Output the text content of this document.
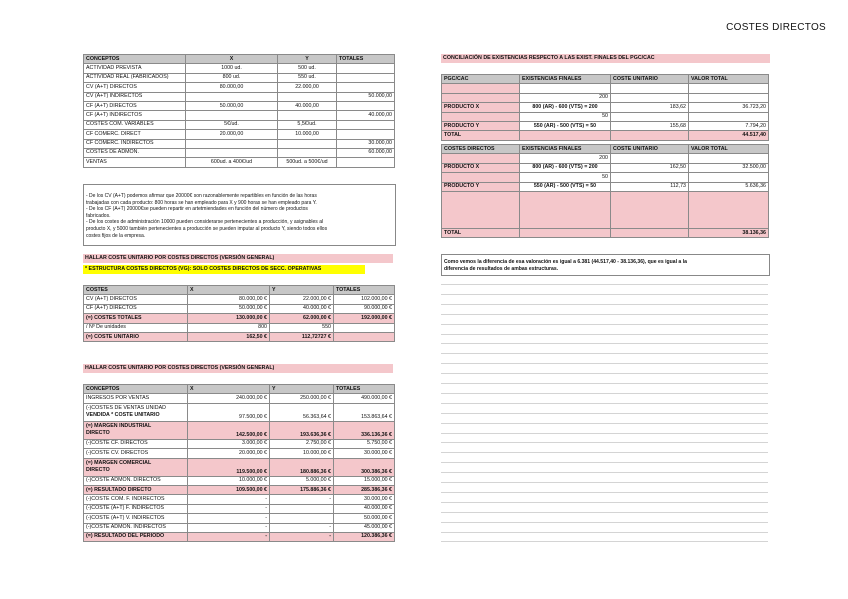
COSTES DIRECTOS
CONCEPTOS	X	Y	TOTALES
ACTIVIDAD PREVISTA	1000 ud.	500 ud.	
ACTIVIDAD REAL (FABRICADOS)	800 ud.	550 ud.	
CV (A+T) DIRECTOS	80.000,00	22.000,00	
CV (A+T) INDIRECTOS			50.000,00
CF (A+T) DIRECTOS	50.000,00	40.000,00	
CF (A+T) INDIRECTOS			40.000,00
COSTES COM. VARIABLES	5€/ud.	5,5€/ud.	
CF COMERC. DIRECT	20.000,00	10.000,00	
CF COMERC. INDIRECTOS			30.000,00
COSTES DE ADMÓN.			60.000,00
VENTAS	600ud. a 400€/ud	500ud. a 500€/ud	
- De los CV (A+T) podemos afirmar que 20000€ son razonablemente repartibles en función de las horas
trabajadas con cada producto: 800 horas se han empleado para X y 900 horas se han empleado para Y.
- De los CF (A+T) 20000€se pueden repartir en artetmiendades en función del número de productos
fabricados.
- De los costes de administración 10000 pueden considerarse pertenecientes a producción, y asignables al
producto X, y 5000 también pertenecientes a producción se pueden imputar al producto Y, siendo todos ellos
costes fijos de la empresa.
HALLAR COSTE UNITARIO POR COSTES DIRECTOS (VERSIÓN GENERAL)
* ESTRUCTURA COSTES DIRECTOS (VG): SOLO COSTES DIRECTOS DE SECC. OPERATIVAS
COSTES	X	Y	TOTALES
CV (A+T) DIRECTOS	80.000,00 €	22.000,00 €	102.000,00 €
CF (A+T) DIRECTOS	50.000,00 €	40.000,00 €	90.000,00 €
(=) COSTES TOTALES	130.000,00 €	62.000,00 €	192.000,00 €
/ Nº De unidades	800	550	
(=) COSTE UNITARIO	162,50 €	112,72727 €	
HALLAR COSTE UNITARIO POR COSTES DIRECTOS (VERSIÓN GENERAL)
CONCEPTOS	X	Y	TOTALES
INGRESOS POR VENTAS	240.000,00 €	250.000,00 €	490.000,00 €

(-)COSTES DE VENTAS UNIDAD
VENDIDA * COSTE UNITARIO	97.500,00 €	56.363,64 €	153.863,64 €

(=) MARGEN INDUSTRIAL
DIRECTO	142.500,00 €	193.636,36 €	336.136,36 €
(-)COSTE CF. DIRECTOS	3.000,00 €	2.750,00 €	5.750,00 €
(-)COSTE CV. DIRECTOS	20.000,00 €	10.000,00 €	30.000,00 €

(=) MARGEN COMERCIAL
DIRECTO	119.500,00 €	180.886,36 €	300.386,36 €
(-)COSTE ADMÓN. DIRECTOS	10.000,00 €	5.000,00 €	15.000,00 €
(=) RESULTADO DIRECTO	109.500,00 €	175.886,36 €	285.386,36 €
(-)COSTE COM. F. INDIRECTOS	-	-	30.000,00 €
(-)COSTE (A+T) F. INDIRECTOS	-		40.000,00 €
(-)COSTE (A+T) V. INDIRECTOS	-		50.000,00 €
(-)COSTE ADMÓN. INDIRECTOS	-	-	45.000,00 €
(=) RESULTADO DEL PERIODO	-	-	120.386,36 €
CONCILIACIÓN DE EXISTENCIAS RESPECTO A LAS EXIST. FINALES DEL PGC/CAC
PGC/CAC	EXISTENCIAS FINALES	COSTE UNITARIO	VALOR TOTAL

	200		
PRODUCTO X	800 (AR) - 600 (VTS) = 200	183,62	36.723,20
	50		
PRODUCTO Y	550 (AR) - 500 (VTS) = 50	155,68	7.794,20
TOTAL			44.517,40
COSTES DIRECTOS	EXISTENCIAS FINALES	COSTE UNITARIO	VALOR TOTAL
	200		
PRODUCTO X	800 (AR) - 600 (VTS) = 200	162,50	32.500,00
	50		
PRODUCTO Y	550 (AR) - 500 (VTS) = 50	112,73	5.636,36

TOTAL			38.136,36
Como vemos la diferencia de esa valoración es igual a 6.381 (44.517,40 - 38.136,36), que es igual a la
diferencia de resultados de ambas estructuras.
